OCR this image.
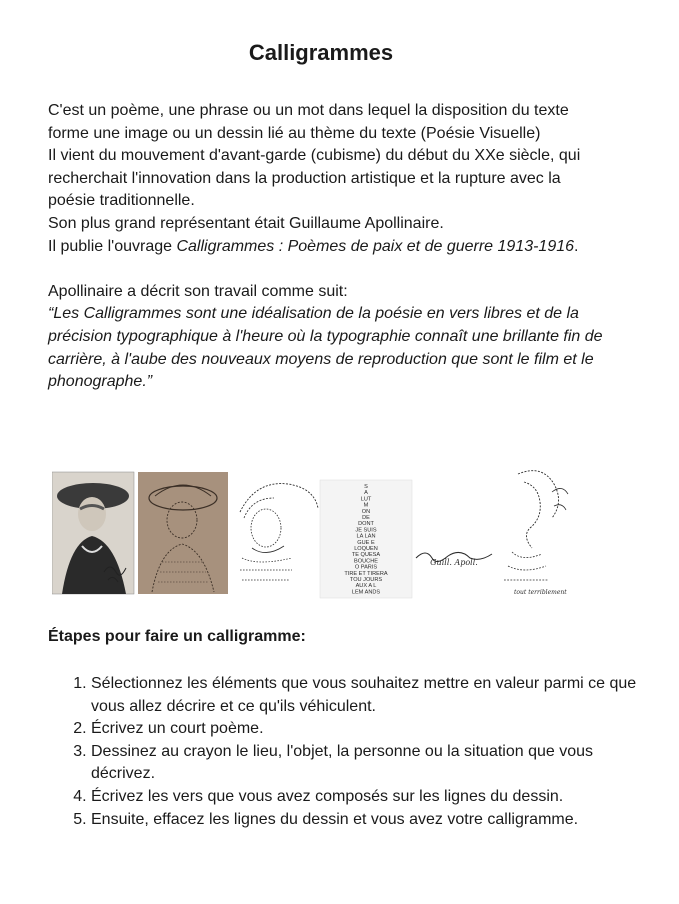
Calligrammes

C'est un poème, une phrase ou un mot dans lequel la disposition du texte forme une image ou un dessin lié au thème du texte (Poésie Visuelle)

Il vient du mouvement d'avant-garde (cubisme) du début du XXe siècle, qui recherchait l'innovation dans la production artistique et la rupture avec la poésie traditionnelle.

Son plus grand représentant était Guillaume Apollinaire.

Il publie l'ouvrage Calligrammes : Poèmes de paix et de guerre 1913-1916.

Apollinaire a décrit son travail comme suit:

“Les Calligrammes sont une idéalisation de la poésie en vers libres et de la précision typographique à l'heure où la typographie connaît une brillante fin de carrière, à l'aube des nouveaux moyens de reproduction que sont le film et le phonographe.”

S
A
LUT
M
ON
DE
DONT
JE SUIS
LA LAN
GUE E
LOQUEN
TE QUESA
BOUCHE
O PARIS
TIRE ET TIRERA
TOU JOURS
AUX A L
LEM ANDS
Guill. Apoll.
tout terriblement
Étapes pour faire un calligramme:
1. Sélectionnez les éléments que vous souhaitez mettre en valeur parmi ce que vous allez décrire et ce qu'ils véhiculent.
2. Écrivez un court poème.
3. Dessinez au crayon le lieu, l'objet, la personne ou la situation que vous décrivez.
4. Écrivez les vers que vous avez composés sur les lignes du dessin.
5. Ensuite, effacez les lignes du dessin et vous avez votre calligramme.
